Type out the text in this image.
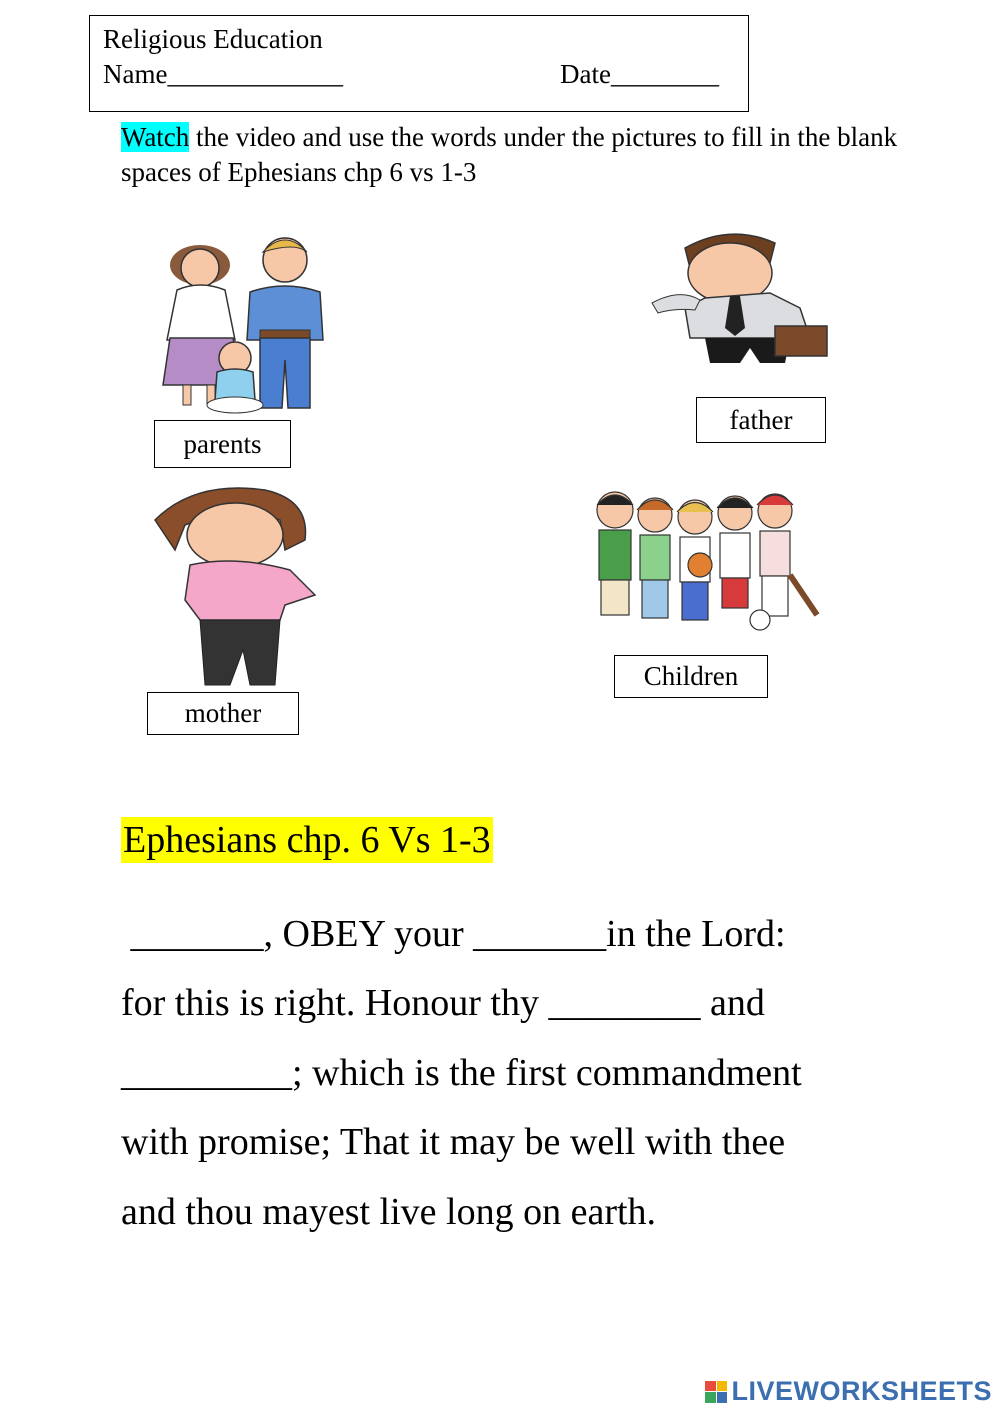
Religious Education
Name_____________	Date________
Watch the video and use the words under the pictures to fill in the blank spaces of Ephesians chp 6 vs 1-3
parents
father
mother
Children
Ephesians chp. 6 Vs 1-3
_______, OBEY your _______in the Lord:
for this is right. Honour thy ________ and
_________; which is the first commandment
with promise; That it may be well with thee
and thou mayest live long on earth.
LIVEWORKSHEETS
